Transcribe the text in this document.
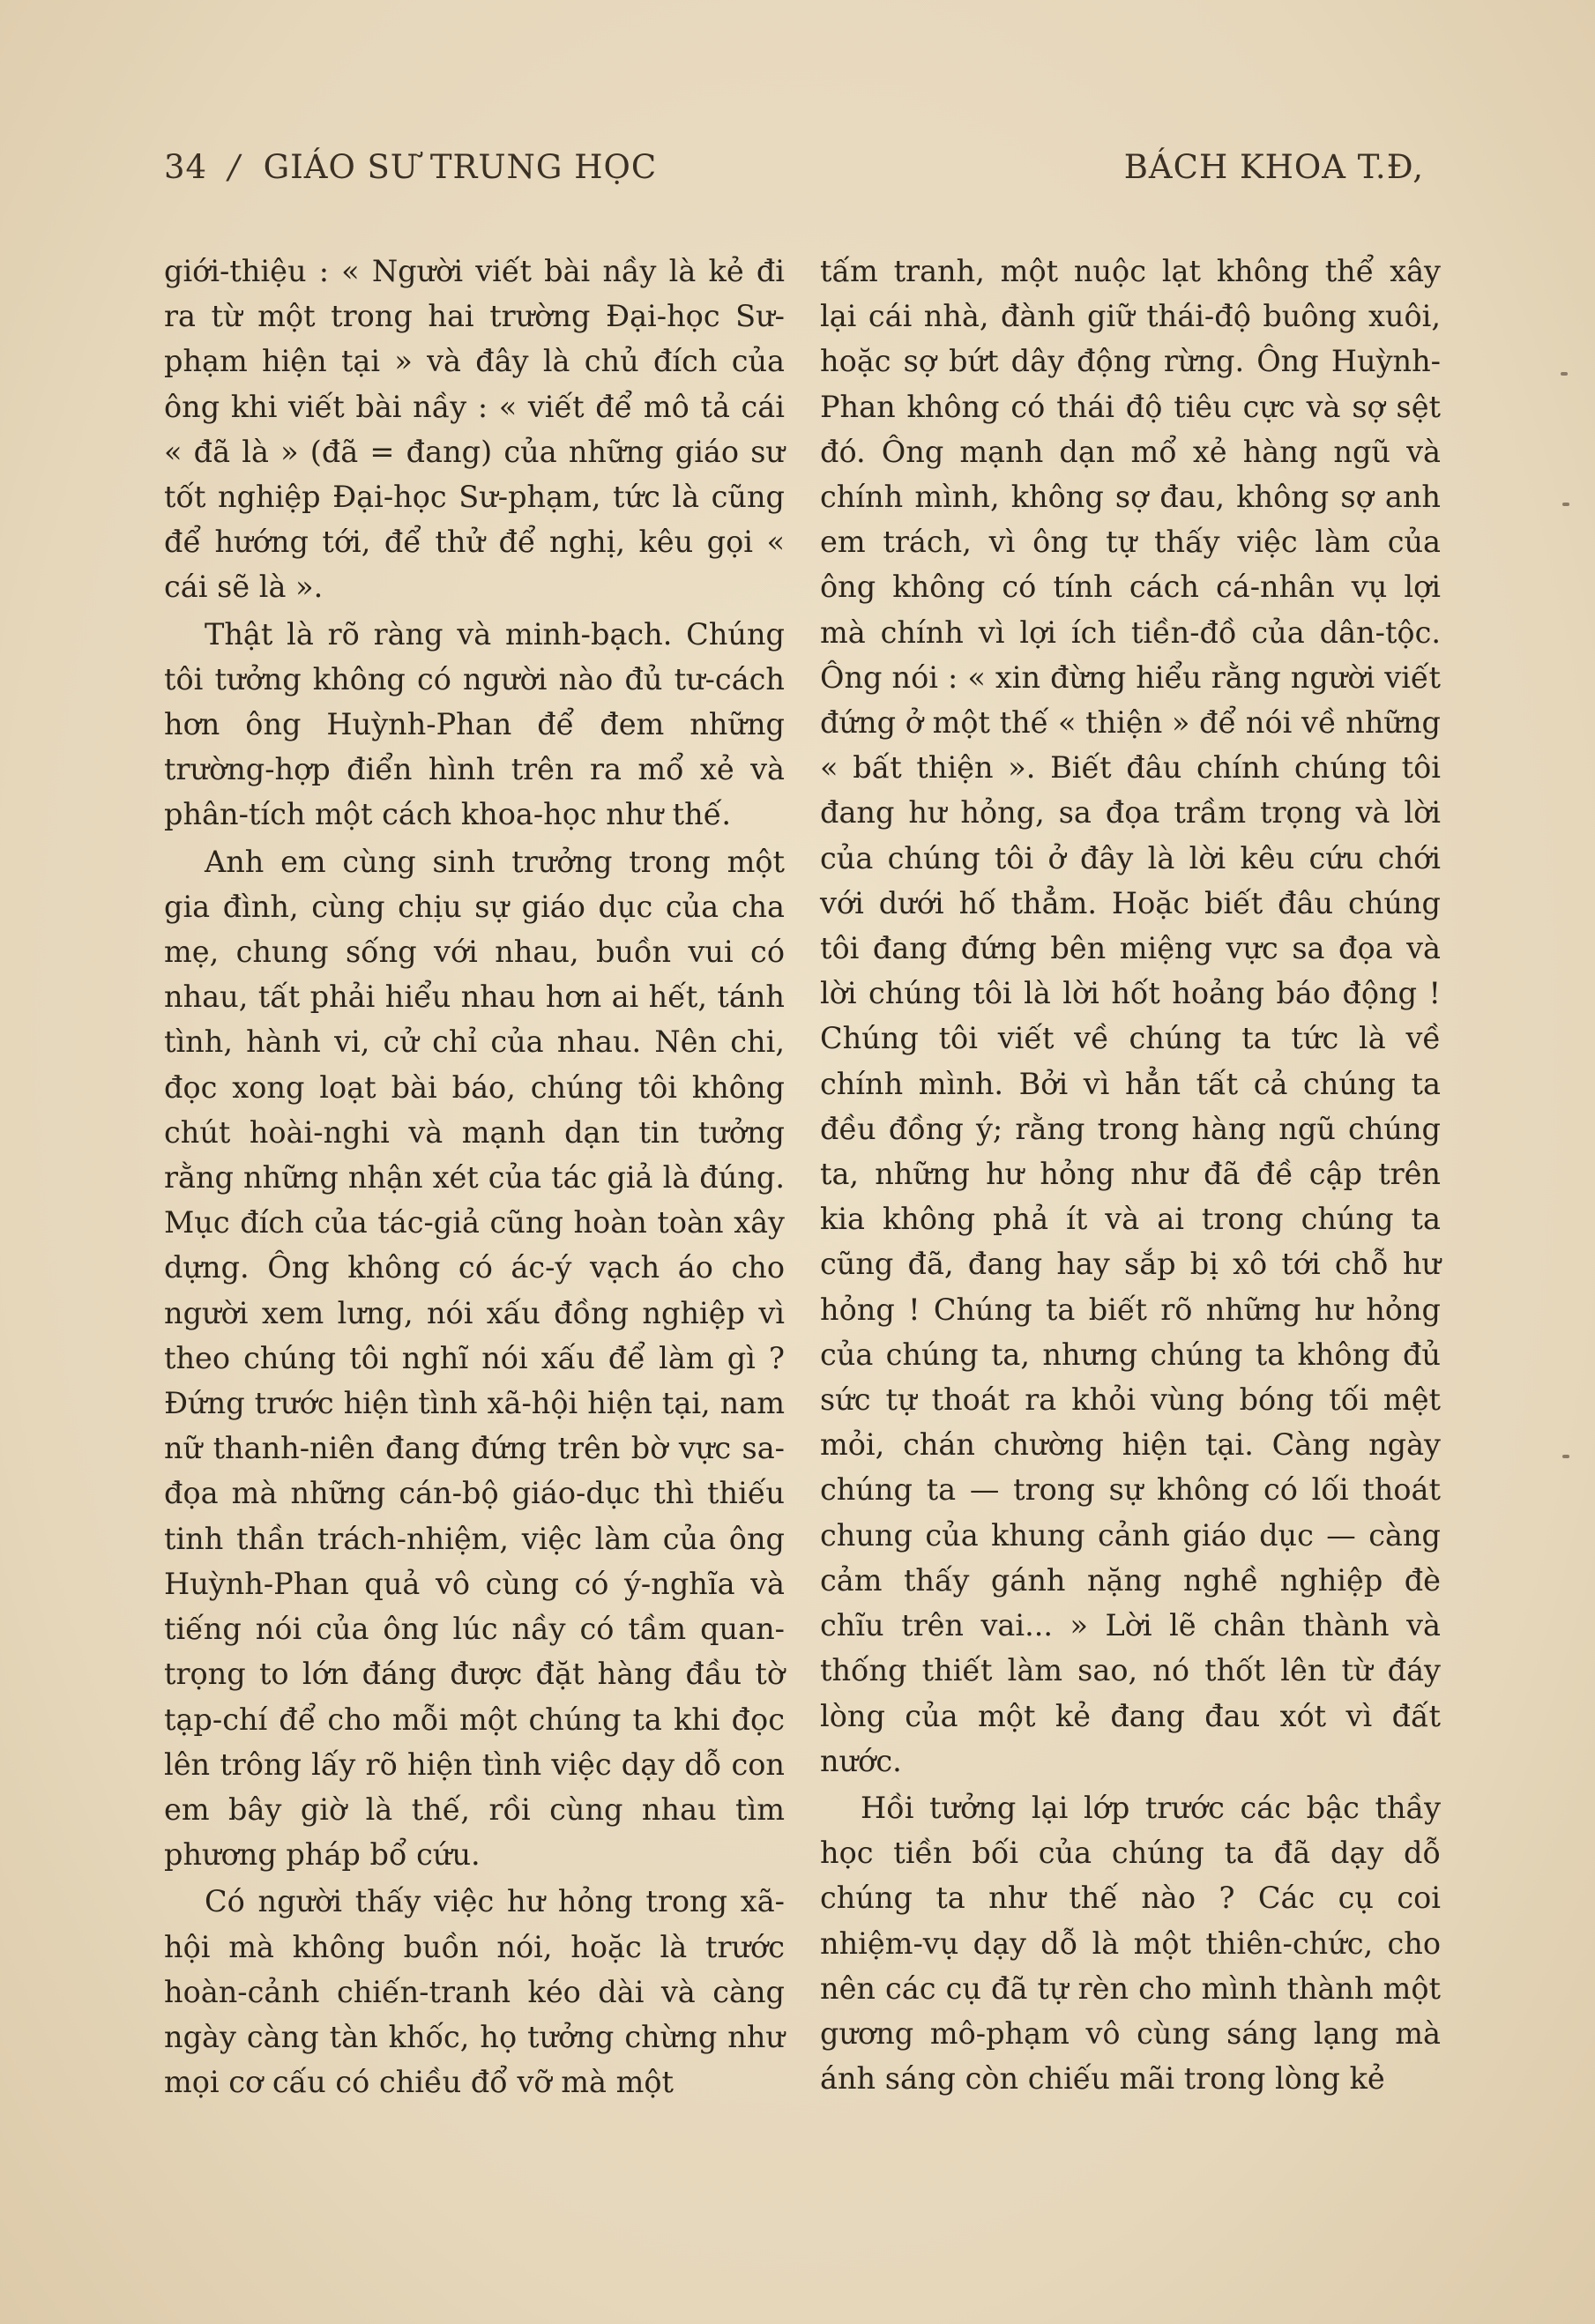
34 / GIÁO SƯ TRUNG HỌC	BÁCH KHOA T.Đ,

giới-thiệu : « Người viết bài nầy là kẻ đi ra từ một trong hai trường Đại-học Sư-phạm hiện tại » và đây là chủ đích của ông khi viết bài nầy : « viết để mô tả cái « đã là » (đã = đang) của những giáo sư tốt nghiệp Đại-học Sư-phạm, tức là cũng để hướng tới, để thử để nghị, kêu gọi « cái sẽ là ».

Thật là rõ ràng và minh-bạch. Chúng tôi tưởng không có người nào đủ tư-cách hơn ông Huỳnh-Phan để đem những trường-hợp điển hình trên ra mổ xẻ và phân-tích một cách khoa-học như thế.

Anh em cùng sinh trưởng trong một gia đình, cùng chịu sự giáo dục của cha mẹ, chung sống với nhau, buồn vui có nhau, tất phải hiểu nhau hơn ai hết, tánh tình, hành vi, cử chỉ của nhau. Nên chi, đọc xong loạt bài báo, chúng tôi không chút hoài-nghi và mạnh dạn tin tưởng rằng những nhận xét của tác giả là đúng. Mục đích của tác-giả cũng hoàn toàn xây dựng. Ông không có ác-ý vạch áo cho người xem lưng, nói xấu đồng nghiệp vì theo chúng tôi nghĩ nói xấu để làm gì ? Đứng trước hiện tình xã-hội hiện tại, nam nữ thanh-niên đang đứng trên bờ vực sa-đọa mà những cán-bộ giáo-dục thì thiếu tinh thần trách-nhiệm, việc làm của ông Huỳnh-Phan quả vô cùng có ý-nghĩa và tiếng nói của ông lúc nầy có tầm quan-trọng to lớn đáng được đặt hàng đầu tờ tạp-chí để cho mỗi một chúng ta khi đọc lên trông lấy rõ hiện tình việc dạy dỗ con em bây giờ là thế, rồi cùng nhau tìm phương pháp bổ cứu.

Có người thấy việc hư hỏng trong xã-hội mà không buồn nói, hoặc là trước hoàn-cảnh chiến-tranh kéo dài và càng ngày càng tàn khốc, họ tưởng chừng như mọi cơ cấu có chiều đổ vỡ mà một

tấm tranh, một nuộc lạt không thể xây lại cái nhà, đành giữ thái-độ buông xuôi, hoặc sợ bứt dây động rừng. Ông Huỳnh-Phan không có thái độ tiêu cực và sợ sệt đó. Ông mạnh dạn mổ xẻ hàng ngũ và chính mình, không sợ đau, không sợ anh em trách, vì ông tự thấy việc làm của ông không có tính cách cá-nhân vụ lợi mà chính vì lợi ích tiền-đồ của dân-tộc. Ông nói : « xin đừng hiểu rằng người viết đứng ở một thế « thiện » để nói về những « bất thiện ». Biết đâu chính chúng tôi đang hư hỏng, sa đọa trầm trọng và lời của chúng tôi ở đây là lời kêu cứu chới với dưới hố thẳm. Hoặc biết đâu chúng tôi đang đứng bên miệng vực sa đọa và lời chúng tôi là lời hốt hoảng báo động ! Chúng tôi viết về chúng ta tức là về chính mình. Bởi vì hẳn tất cả chúng ta đều đồng ý; rằng trong hàng ngũ chúng ta, những hư hỏng như đã đề cập trên kia không phả ít và ai trong chúng ta cũng đã, đang hay sắp bị xô tới chỗ hư hỏng ! Chúng ta biết rõ những hư hỏng của chúng ta, nhưng chúng ta không đủ sức tự thoát ra khỏi vùng bóng tối mệt mỏi, chán chường hiện tại. Càng ngày chúng ta — trong sự không có lối thoát chung của khung cảnh giáo dục — càng cảm thấy gánh nặng nghề nghiệp đè chĩu trên vai... » Lời lẽ chân thành và thống thiết làm sao, nó thốt lên từ đáy lòng của một kẻ đang đau xót vì đất nước.

Hồi tưởng lại lớp trước các bậc thầy học tiền bối của chúng ta đã dạy dỗ chúng ta như thế nào ? Các cụ coi nhiệm-vụ dạy dỗ là một thiên-chức, cho nên các cụ đã tự rèn cho mình thành một gương mô-phạm vô cùng sáng lạng mà ánh sáng còn chiếu mãi trong lòng kẻ
